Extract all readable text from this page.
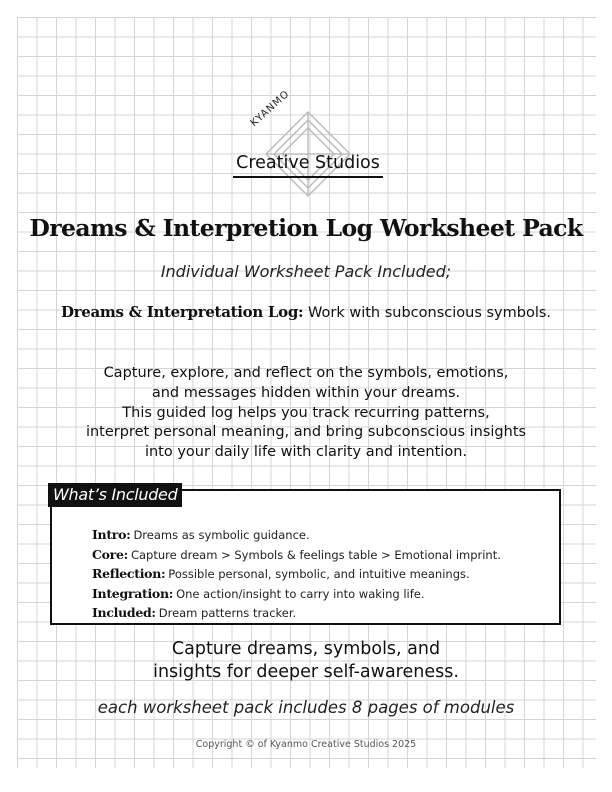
KYANMO
Creative Studios
Dreams & Interpretion Log Worksheet Pack
Individual Worksheet Pack Included;
Dreams & Interpretation Log: Work with subconscious symbols.
Capture, explore, and reflect on the symbols, emotions,
and messages hidden within your dreams.
This guided log helps you track recurring patterns,
interpret personal meaning, and bring subconscious insights
into your daily life with clarity and intention.
What’s Included
Intro: Dreams as symbolic guidance.
Core: Capture dream > Symbols & feelings table > Emotional imprint.
Reflection: Possible personal, symbolic, and intuitive meanings.
Integration: One action/insight to carry into waking life.
Included: Dream patterns tracker.
Capture dreams, symbols, and
insights for deeper self-awareness.
each worksheet pack includes 8 pages of modules
Copyright © of Kyanmo Creative Studios 2025
